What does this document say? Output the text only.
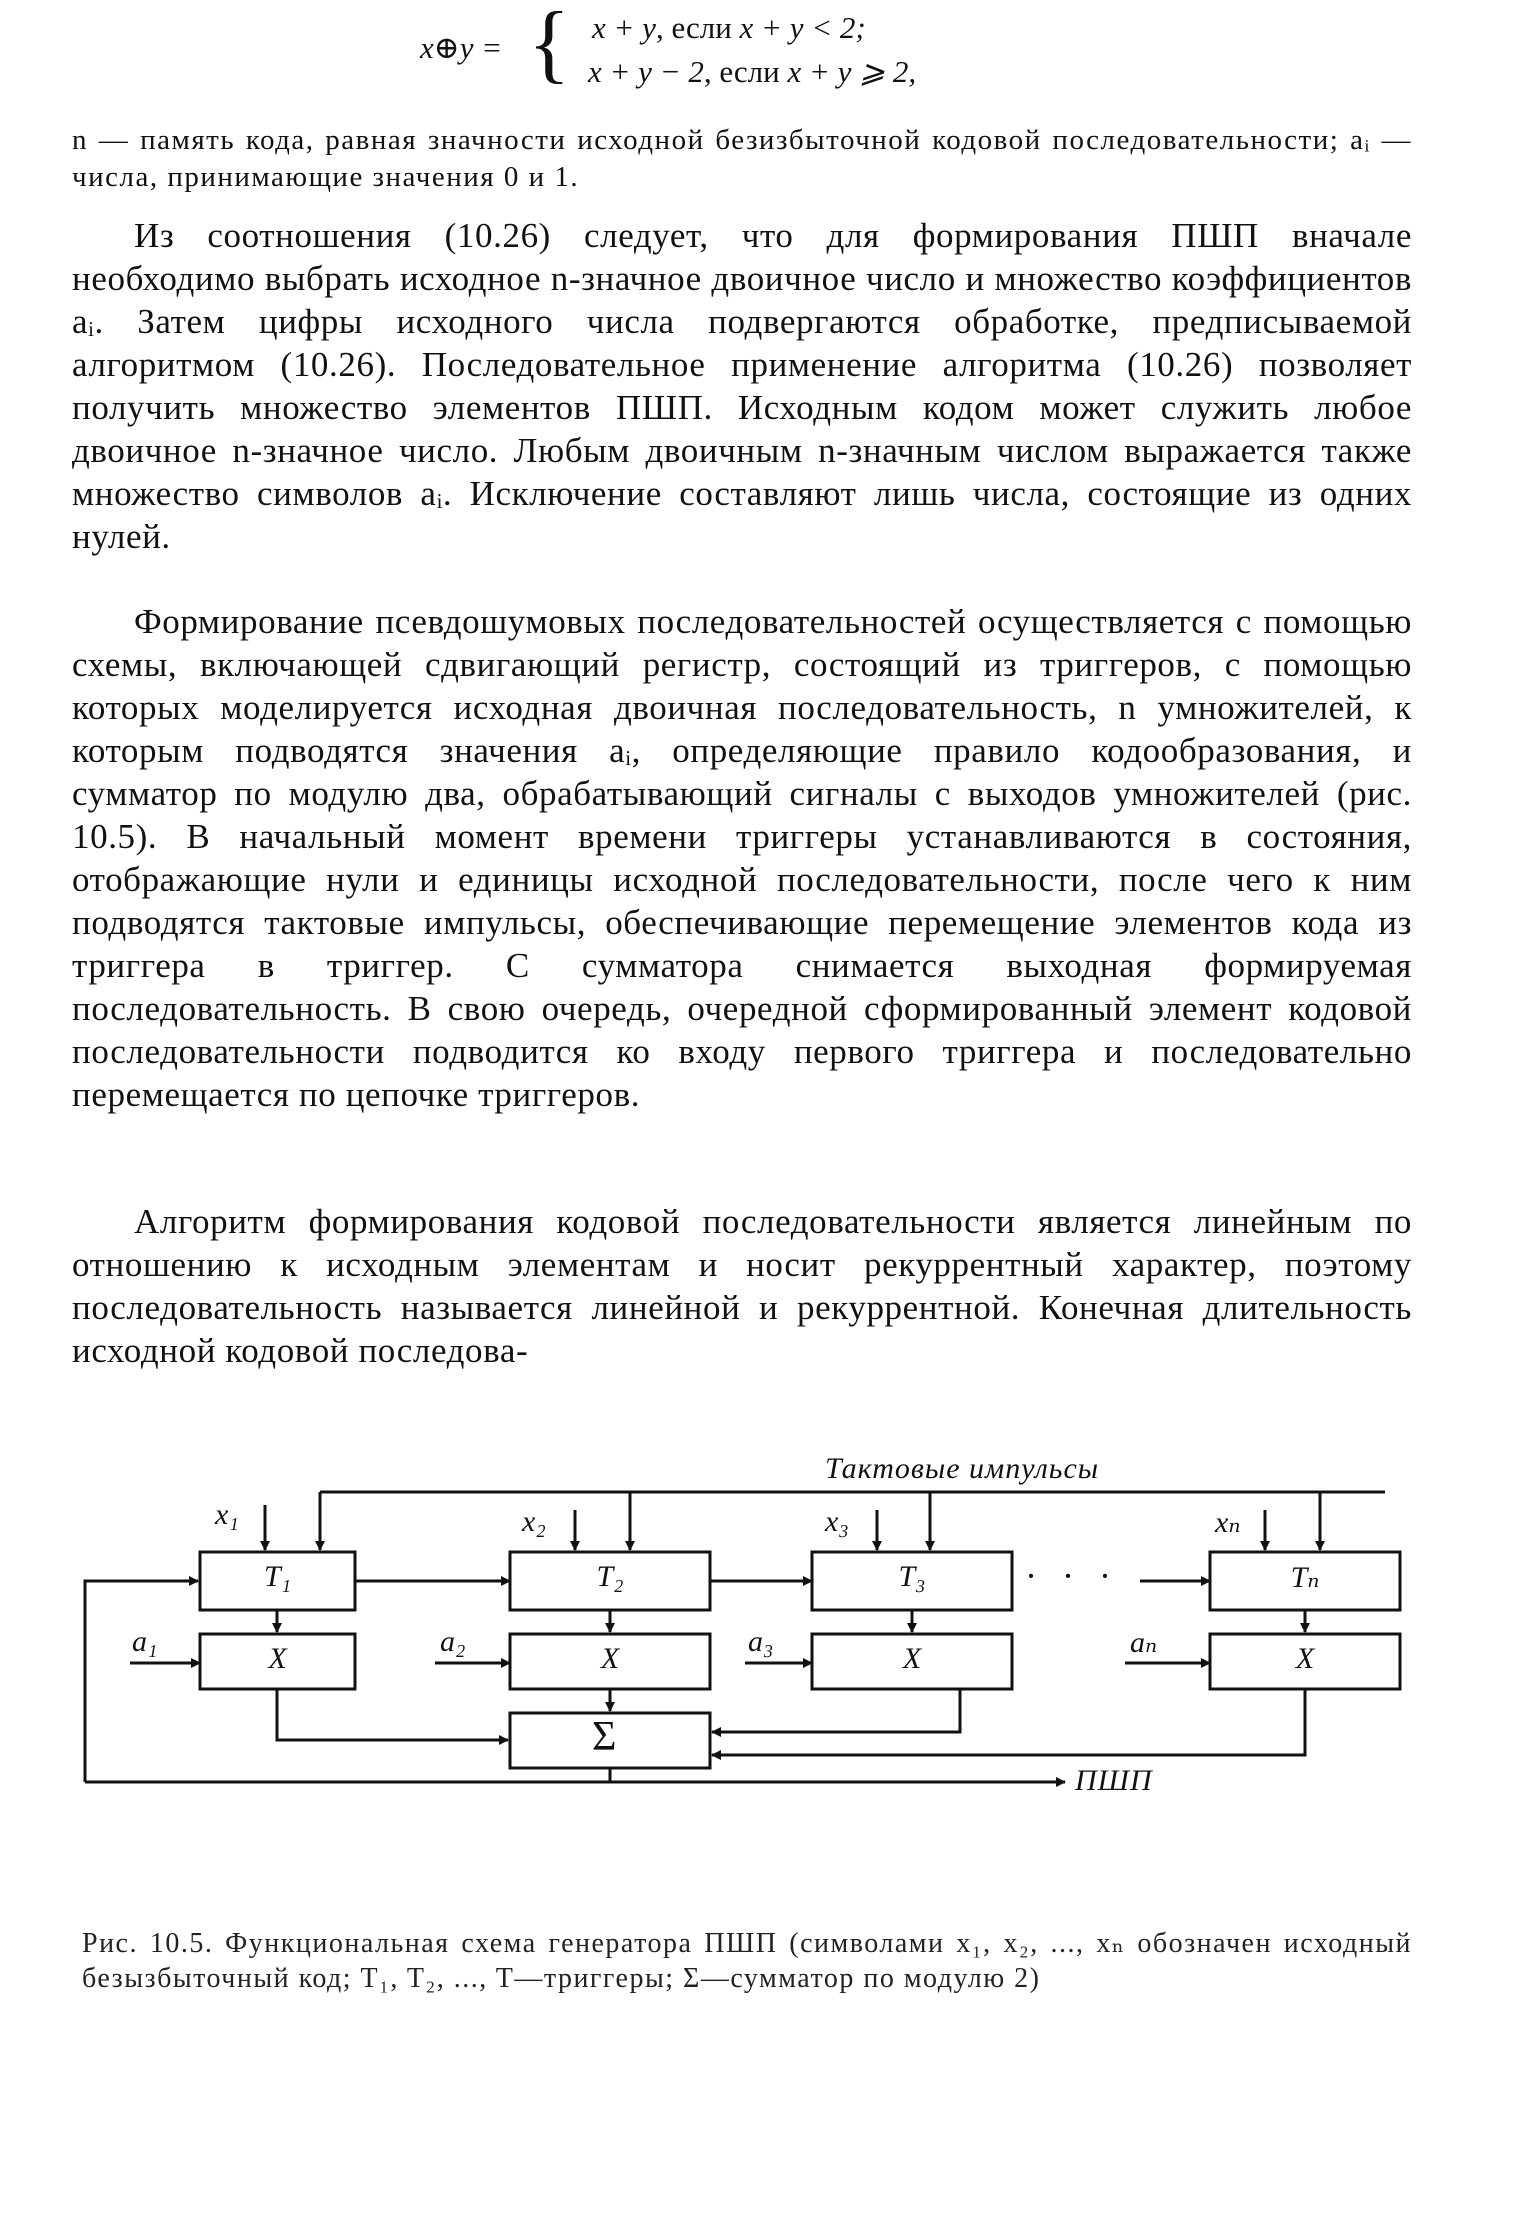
x⊕y = { x + y, если x + y < 2;
x + y − 2, если x + y ⩾ 2,
n — память кода, равная значности исходной безизбыточной кодовой последовательности; aᵢ — числа, принимающие значения 0 и 1.
Из соотношения (10.26) следует, что для формирования ПШП вначале необходимо выбрать исходное n-значное двоичное число и множество коэффициентов aᵢ. Затем цифры исходного числа подвергаются обработке, предписываемой алгоритмом (10.26). Последовательное применение алгоритма (10.26) позволяет получить множество элементов ПШП. Исходным кодом может служить любое двоичное n-значное число. Любым двоичным n-значным числом выражается также множество символов aᵢ. Исключение составляют лишь числа, состоящие из одних нулей.
Формирование псевдошумовых последовательностей осуществляется с помощью схемы, включающей сдвигающий регистр, состоящий из триггеров, с помощью которых моделируется исходная двоичная последовательность, n умножителей, к которым подводятся значения aᵢ, определяющие правило кодообразования, и сумматор по модулю два, обрабатывающий сигналы с выходов умножителей (рис. 10.5). В начальный момент времени триггеры устанавливаются в состояния, отображающие нули и единицы исходной последовательности, после чего к ним подводятся тактовые импульсы, обеспечивающие перемещение элементов кода из триггера в триггер. С сумматора снимается выходная формируемая последовательность. В свою очередь, очередной сформированный элемент кодовой последовательности подводится ко входу первого триггера и последовательно перемещается по цепочке триггеров.
Алгоритм формирования кодовой последовательности является линейным по отношению к исходным элементам и носит рекуррентный характер, поэтому последовательность называется линейной и рекуррентной. Конечная длительность исходной кодовой последова-
Тактовые импульсы
x₁	x₂	x₃	xₙ
T₁	T₂	T₃	Tₙ
· · ·
X	X	X	X
a₁	a₂	a₃	aₙ
Σ
ПШП
Рис. 10.5. Функциональная схема генератора ПШП (символами x₁, x₂, ..., xₙ обозначен исходный безызбыточный код; T₁, T₂, ..., T—триггеры; Σ—сумматор по модулю 2)
